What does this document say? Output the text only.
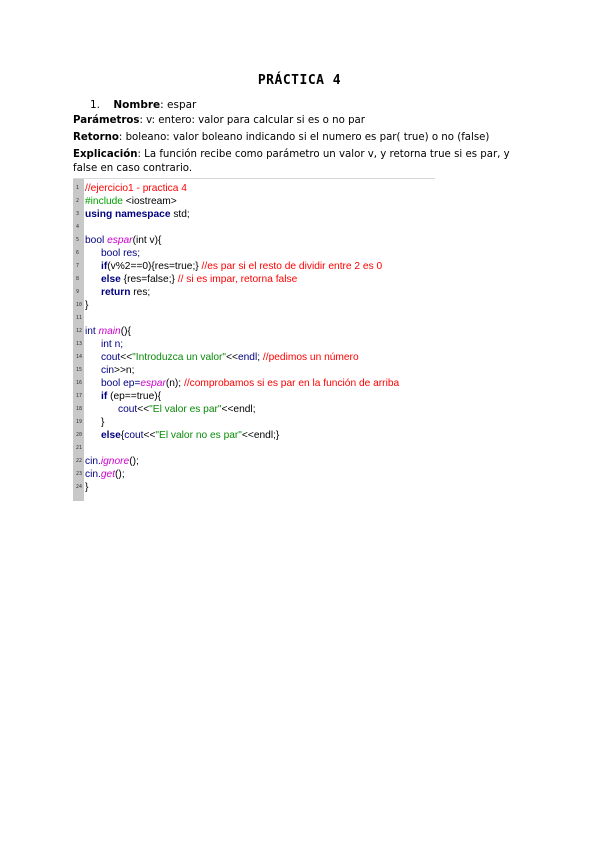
PRÁCTICA 4
1. Nombre: espar
Parámetros: v: entero: valor para calcular si es o no par
Retorno: boleano: valor boleano indicando si el numero es par( true) o no (false)
Explicación: La función recibe como parámetro un valor v, y retorna true si es par, y false en caso contrario.
1
2
3
4
5
6
7
8
9
10
11
12
13
14
15
16
17
18
19
20
21
22
23
24
//ejercicio1 - practica 4
#include <iostream>
using namespace std;
bool espar(int v){
bool res;
if(v%2==0){res=true;} //es par si el resto de dividir entre 2 es 0
else {res=false;} // si es impar, retorna false
return res;
}
int main(){
int n;
cout<<"Introduzca un valor"<<endl; //pedimos un número
cin>>n;
bool ep=espar(n); //comprobamos si es par en la función de arriba
if (ep==true){
cout<<"El valor es par"<<endl;
}
else{cout<<"El valor no es par"<<endl;}
cin.ignore();
cin.get();
}
